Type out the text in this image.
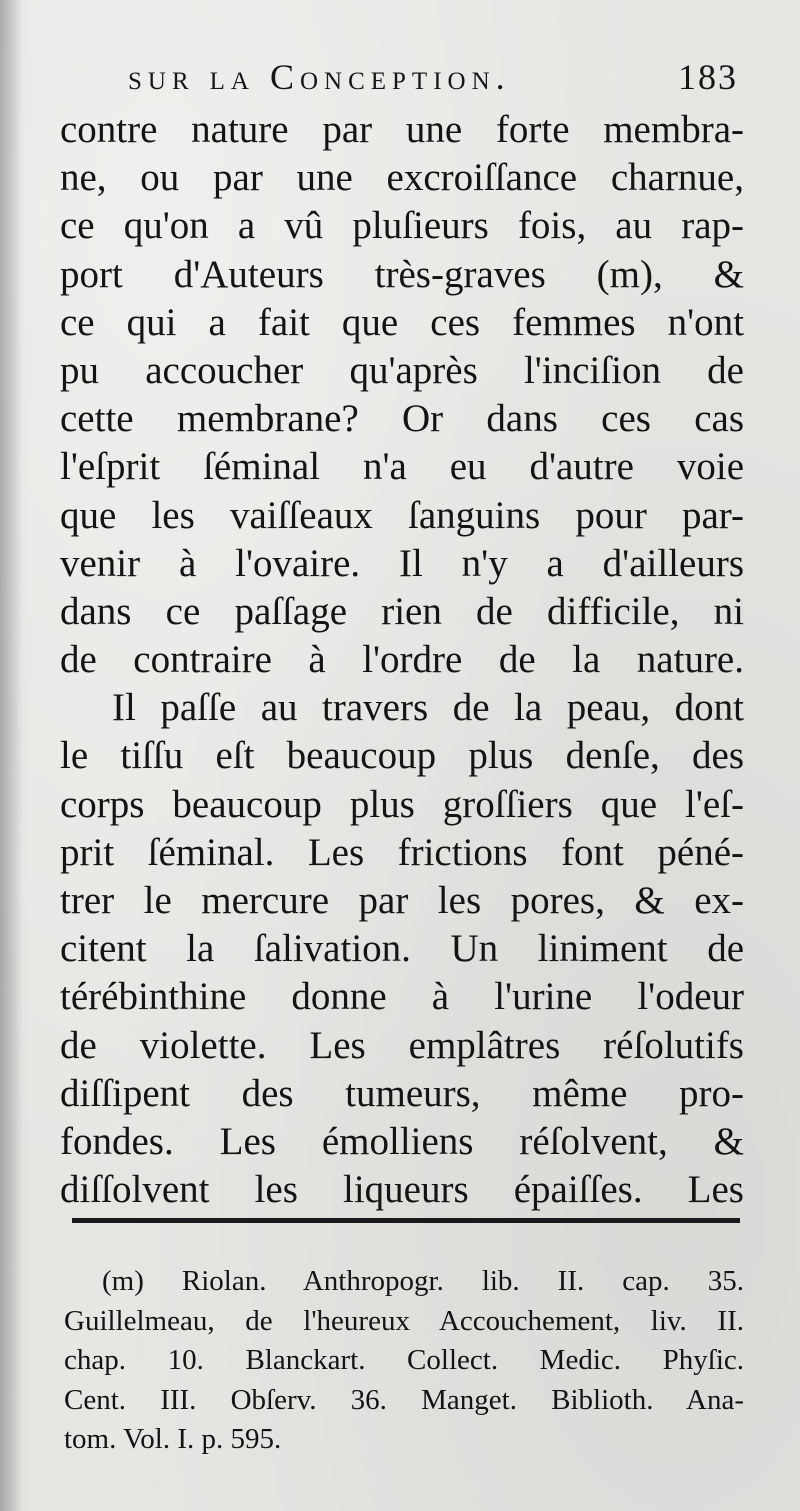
sur la Conception.	183
contre nature par une forte membra-
ne, ou par une excroiſſance charnue,
ce qu'on a vû pluſieurs fois, au rap-
port d'Auteurs très-graves (m), &
ce qui a fait que ces femmes n'ont
pu accoucher qu'après l'inciſion de
cette membrane? Or dans ces cas
l'eſprit ſéminal n'a eu d'autre voie
que les vaiſſeaux ſanguins pour par-
venir à l'ovaire. Il n'y a d'ailleurs
dans ce paſſage rien de difficile, ni
de contraire à l'ordre de la nature.
Il paſſe au travers de la peau, dont
le tiſſu eſt beaucoup plus denſe, des
corps beaucoup plus groſſiers que l'eſ-
prit ſéminal. Les frictions font péné-
trer le mercure par les pores, & ex-
citent la ſalivation. Un liniment de
térébinthine donne à l'urine l'odeur
de violette. Les emplâtres réſolutifs
diſſipent des tumeurs, même pro-
fondes. Les émolliens réſolvent, &
diſſolvent les liqueurs épaiſſes. Les
(m) Riolan. Anthropogr. lib. II. cap. 35.
Guillelmeau, de l'heureux Accouchement, liv. II.
chap. 10. Blanckart. Collect. Medic. Phyſic.
Cent. III. Obſerv. 36. Manget. Biblioth. Ana-
tom. Vol. I. p. 595.
